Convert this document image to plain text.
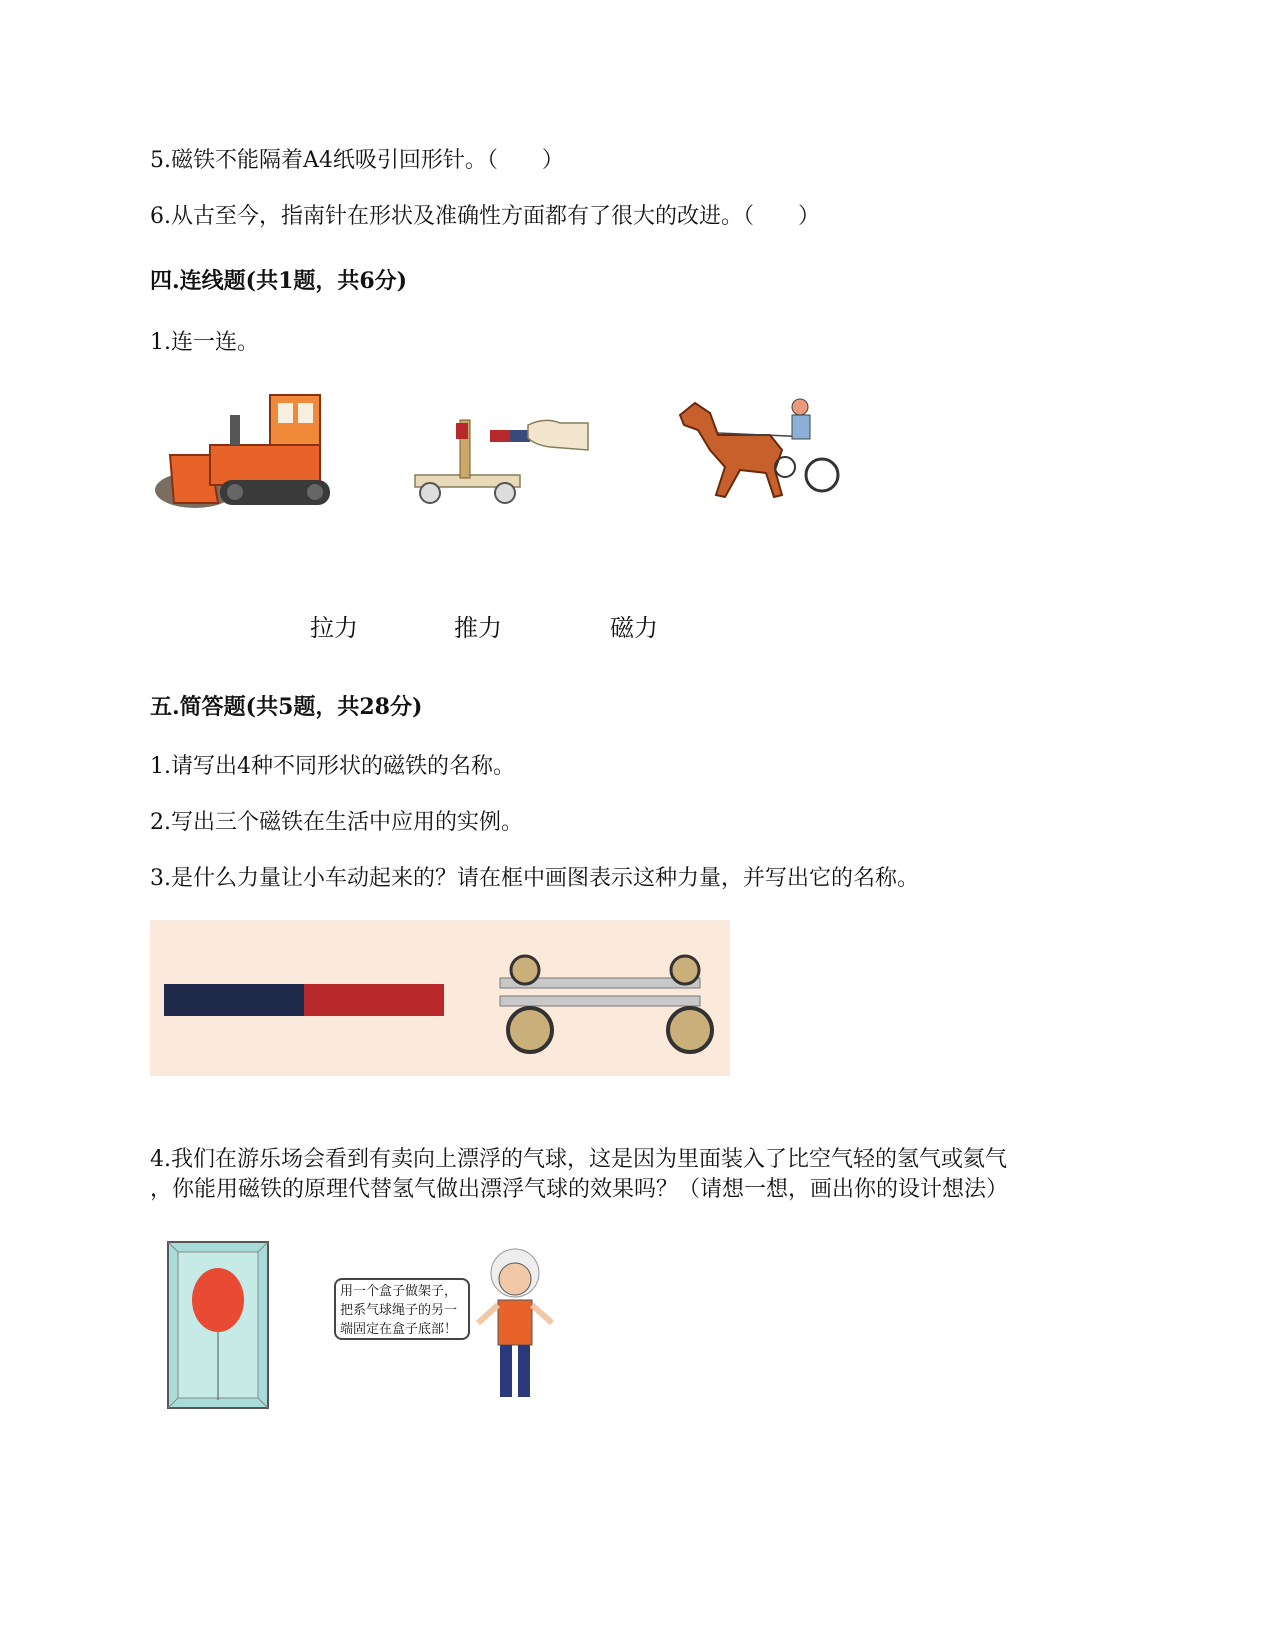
5.磁铁不能隔着A4纸吸引回形针。（　　）
6.从古至今，指南针在形状及准确性方面都有了很大的改进。（　　）
四.连线题(共1题，共6分)
1.连一连。
拉力	推力	磁力
五.简答题(共5题，共28分)
1.请写出4种不同形状的磁铁的名称。
2.写出三个磁铁在生活中应用的实例。
3.是什么力量让小车动起来的？请在框中画图表示这种力量，并写出它的名称。
4.我们在游乐场会看到有卖向上漂浮的气球，这是因为里面装入了比空气轻的氢气或氦气
，你能用磁铁的原理代替氢气做出漂浮气球的效果吗？（请想一想，画出你的设计想法）
用一个盒子做架子，
把系气球绳子的另一
端固定在盒子底部！
